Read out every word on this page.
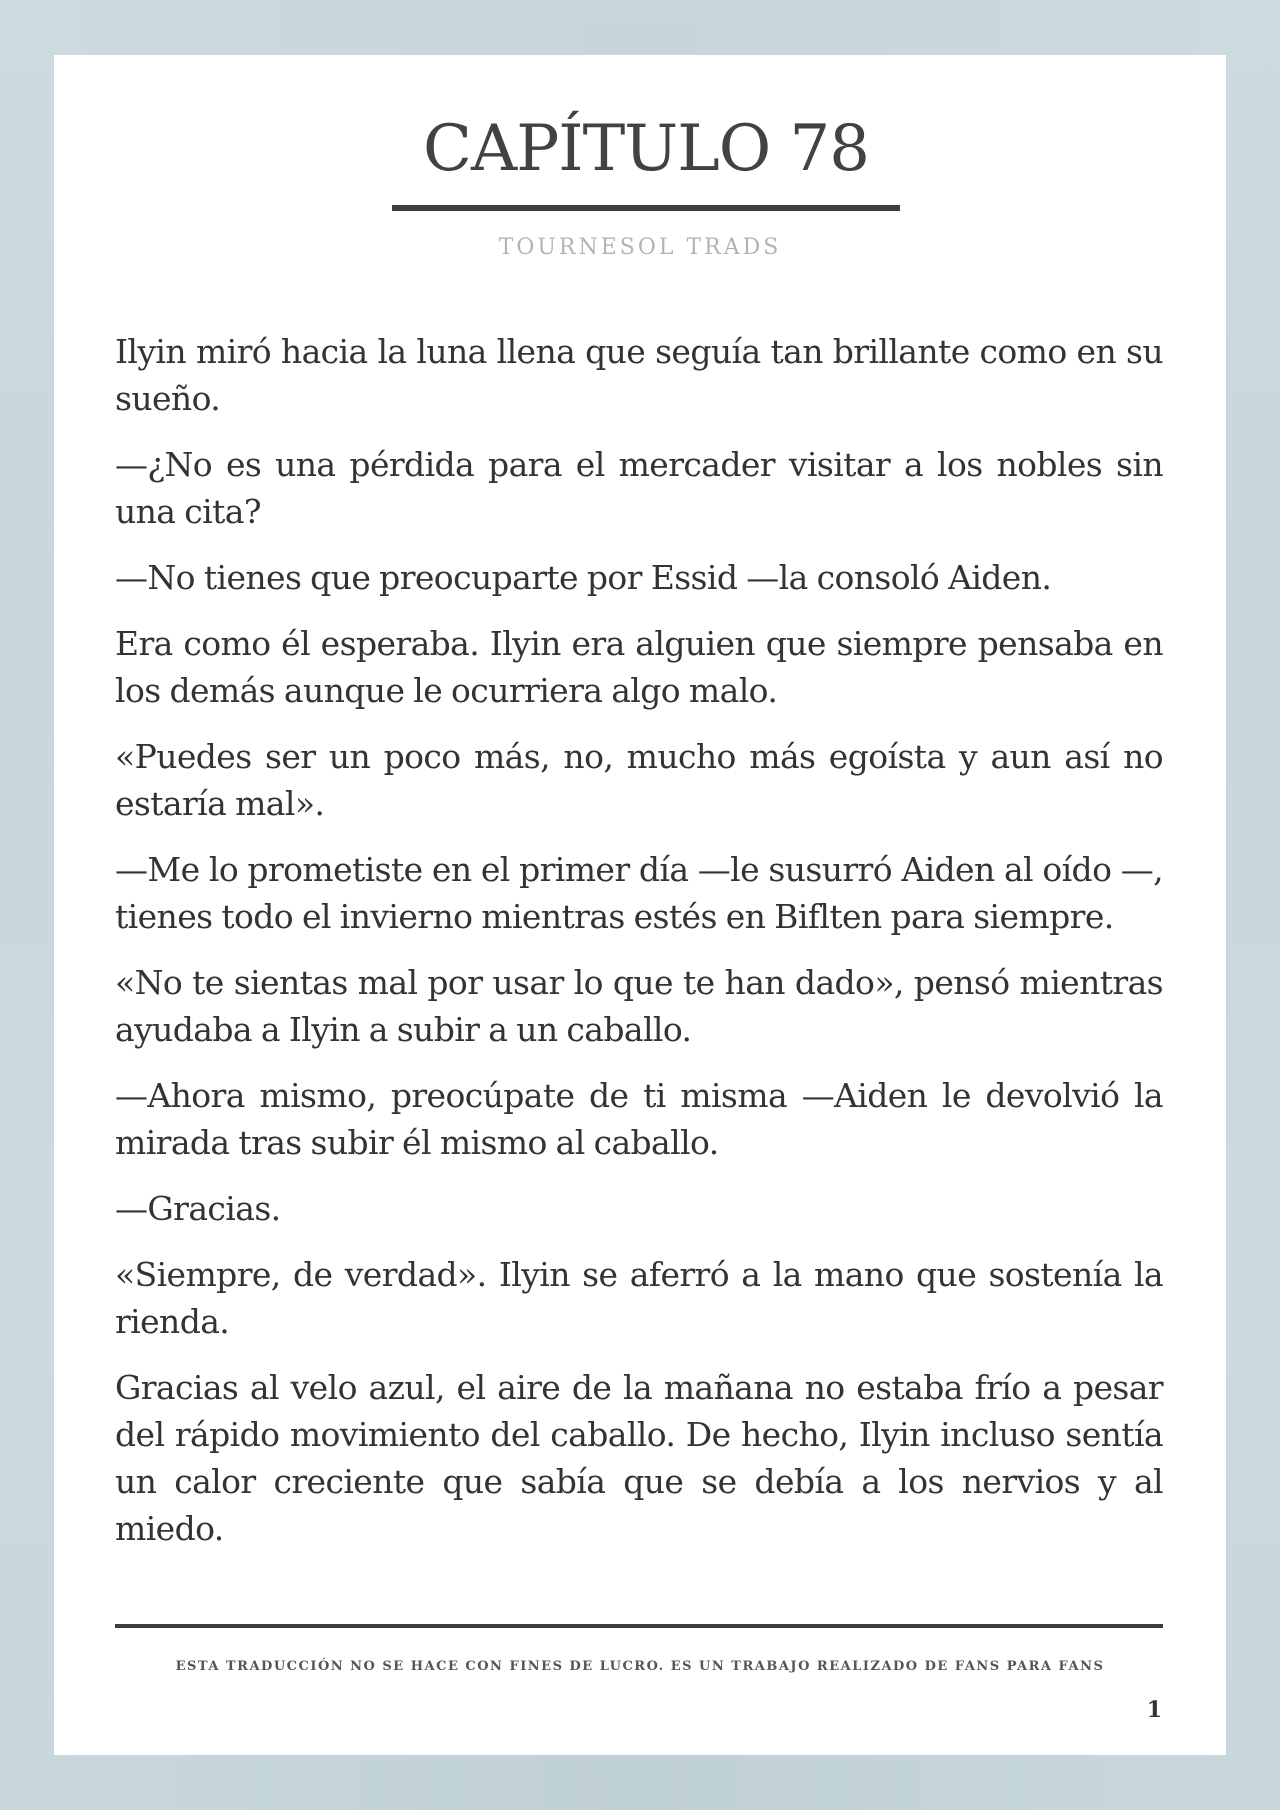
CAPÍTULO 78
TOURNESOL TRADS

Ilyin miró hacia la luna llena que seguía tan brillante como en su sueño.

—¿No es una pérdida para el mercader visitar a los nobles sin una cita?

—No tienes que preocuparte por Essid —la consoló Aiden.

Era como él esperaba. Ilyin era alguien que siempre pensaba en los demás aunque le ocurriera algo malo.

«Puedes ser un poco más, no, mucho más egoísta y aun así no estaría mal».

—Me lo prometiste en el primer día —le susurró Aiden al oído —, tienes todo el invierno mientras estés en Biflten para siempre.

«No te sientas mal por usar lo que te han dado», pensó mientras ayudaba a Ilyin a subir a un caballo.

—Ahora mismo, preocúpate de ti misma —Aiden le devolvió la mirada tras subir él mismo al caballo.

—Gracias.

«Siempre, de verdad». Ilyin se aferró a la mano que sostenía la rienda.

Gracias al velo azul, el aire de la mañana no estaba frío a pesar del rápido movimiento del caballo. De hecho, Ilyin incluso sentía un calor creciente que sabía que se debía a los nervios y al miedo.

ESTA TRADUCCIÓN NO SE HACE CON FINES DE LUCRO. ES UN TRABAJO REALIZADO DE FANS PARA FANS
1
